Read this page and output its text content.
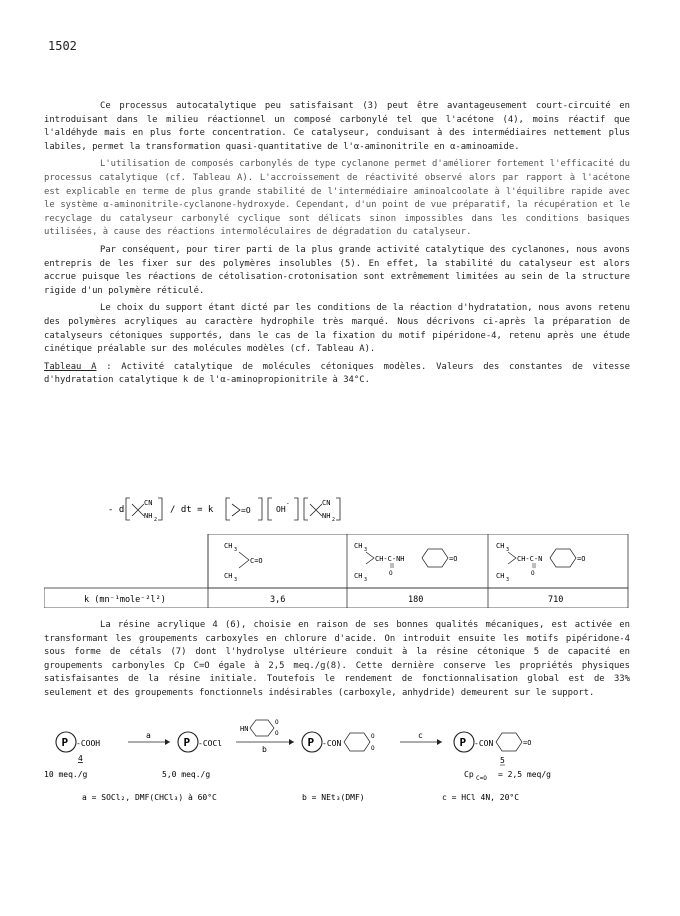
1502

Ce processus autocatalytique peu satisfaisant (3) peut être avantageusement court-circuité en introduisant dans le milieu réactionnel un composé carbonylé tel que l'acétone (4), moins réactif que l'aldéhyde mais en plus forte concentration. Ce catalyseur, conduisant à des intermédiaires nettement plus labiles, permet la transformation quasi-quantitative de l'α-aminonitrile en α-aminoamide.

L'utilisation de composés carbonylés de type cyclanone permet d'améliorer fortement l'efficacité du processus catalytique (cf. Tableau A). L'accroissement de réactivité observé alors par rapport à l'acétone est explicable en terme de plus grande stabilité de l'intermédiaire aminoalcoolate à l'équilibre rapide avec le système α-aminonitrile-cyclanone-hydroxyde. Cependant, d'un point de vue préparatif, la récupération et le recyclage du catalyseur carbonylé cyclique sont délicats sinon impossibles dans les conditions basiques utilisées, à cause des réactions intermoléculaires de dégradation du catalyseur.

Par conséquent, pour tirer parti de la plus grande activité catalytique des cyclanones, nous avons entrepris de les fixer sur des polymères insolubles (5). En effet, la stabilité du catalyseur est alors accrue puisque les réactions de cétolisation-crotonisation sont extrêmement limitées au sein de la structure rigide d'un polymère réticulé.

Le choix du support étant dicté par les conditions de la réaction d'hydratation, nous avons retenu des polymères acryliques au caractère hydrophile très marqué. Nous décrivons ci-après la préparation de catalyseurs cétoniques supportés, dans le cas de la fixation du motif pipéridone-4, retenu après une étude cinétique préalable sur des molécules modèles (cf. Tableau A).

Tableau A : Activité catalytique de molécules cétoniques modèles. Valeurs des constantes de vitesse d'hydratation catalytique k de l'α-aminopropionitrile à 34°C.

- d
CN
NH 2
/ dt = k	=O	OH
-	CN
NH 2
CH 3
C=O
CH 3
CH 3
CH-C-NH
O
CH 3
=O
CH 3
CH-C-N
O
CH 3
=O
k (mn⁻¹mole⁻²l²)	3,6	180	710

La résine acrylique 4 (6), choisie en raison de ses bonnes qualités mécaniques, est activée en transformant les groupements carboxyles en chlorure d'acide. On introduit ensuite les motifs pipéridone-4 sous forme de cétals (7) dont l'hydrolyse ultérieure conduit à la résine cétonique 5 de capacité en groupements carbonyles Cp C=O égale à 2,5 meq./g(8). Cette dernière conserve les propriétés physiques satisfaisantes de la résine initiale. Toutefois le rendement de fonctionnalisation global est de 33% seulement et des groupements fonctionnels indésirables (carboxyle, anhydride) demeurent sur le support.

P -COOH
4
10 meq./g
a
P -COCl
5,0 meq./g
HN
O
O
b
P -CON
O
O
c
P -CON	=O
5
Cp C=O = 2,5 meq/g
a = SOCl₂, DMF(CHCl₃) à 60°C	b = NEt₃(DMF)	c = HCl 4N, 20°C
